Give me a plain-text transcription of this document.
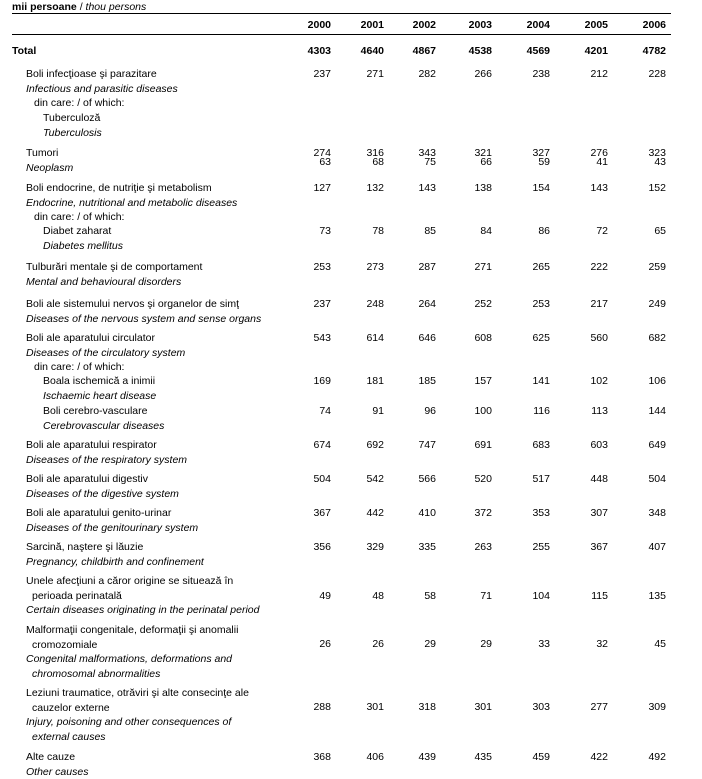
mii persoane / thou persons
2000	2001	2002	2003	2004	2005	2006
Total	4303	4640	4867	4538	4569	4201	4782
Boli infecţioase şi parazitare
Infectious and parasitic diseases
din care: / of which:
237	271	282	266	238	212	228
Tuberculoză
Tuberculosis
63	68	75	66	59	41	43
Tumori
Neoplasm
274	316	343	321	327	276	323
Boli endocrine, de nutriţie şi metabolism
Endocrine, nutritional and metabolic diseases
din care: / of which:
127	132	143	138	154	143	152
Diabet zaharat
Diabetes mellitus
73	78	85	84	86	72	65
Tulburări mentale şi de comportament
Mental and behavioural disorders
253	273	287	271	265	222	259
Boli ale sistemului nervos şi organelor de simţ
Diseases of the nervous system and sense organs
237	248	264	252	253	217	249
Boli ale aparatului circulator
Diseases of the circulatory system
din care: / of which:
543	614	646	608	625	560	682
Boala ischemică a inimii
Ischaemic heart disease
169	181	185	157	141	102	106
Boli cerebro-vasculare
Cerebrovascular diseases
74	91	96	100	116	113	144
Boli ale aparatului respirator
Diseases of the respiratory system
674	692	747	691	683	603	649
Boli ale aparatului digestiv
Diseases of the digestive system
504	542	566	520	517	448	504
Boli ale aparatului genito-urinar
Diseases of the genitourinary system
367	442	410	372	353	307	348
Sarcină, naştere şi lăuzie
Pregnancy, childbirth and confinement
356	329	335	263	255	367	407
Unele afecţiuni a căror origine se situează în
perioada perinatală
Certain diseases originating in the perinatal period
49	48	58	71	104	115	135
Malformaţii congenitale, deformaţii şi anomalii
cromozomiale
Congenital malformations, deformations and
chromosomal abnormalities
26	26	29	29	33	32	45
Leziuni traumatice, otrăviri şi alte consecinţe ale
cauzelor externe
Injury, poisoning and other consequences of
external causes
288	301	318	301	303	277	309
Alte cauze
Other causes
368	406	439	435	459	422	492
